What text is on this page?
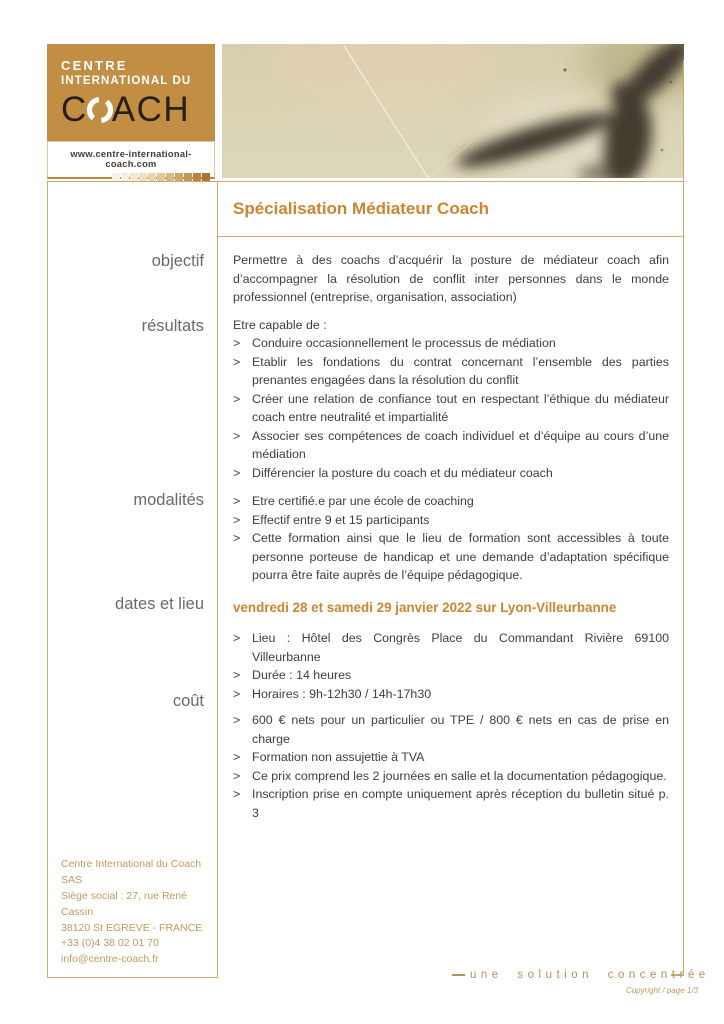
CENTRE
INTERNATIONAL DU
C ACH
www.centre-international-coach.com
objectif
résultats
modalités
dates et lieu
coût
Centre International du Coach SAS
Siège social : 27, rue René Cassin
38120 St EGREVE - FRANCE
+33 (0)4 38 02 01 70
info@centre-coach.fr
Spécialisation Médiateur Coach

Permettre à des coachs d’acquérir la posture de médiateur coach afin d’accompagner la résolution de conflit inter personnes dans le monde professionnel (entreprise, organisation, association)

Etre capable de :
> Conduire occasionnellement le processus de médiation
> Etablir les fondations du contrat concernant l’ensemble des parties prenantes engagées dans la résolution du conflit
> Créer une relation de confiance tout en respectant l’éthique du médiateur coach entre neutralité et impartialité
> Associer ses compétences de coach individuel et d’équipe au cours d’une médiation
> Différencier la posture du coach et du médiateur coach
> Etre certifié.e par une école de coaching
> Effectif entre 9 et 15 participants
> Cette formation ainsi que le lieu de formation sont accessibles à toute personne porteuse de handicap et une demande d’adaptation spécifique pourra être faite auprès de l’équipe pédagogique.
vendredi 28 et samedi 29 janvier 2022 sur Lyon-Villeurbanne
> Lieu : Hôtel des Congrès Place du Commandant Rivière 69100 Villeurbanne
> Durée : 14 heures
> Horaires : 9h-12h30 / 14h-17h30
> 600 € nets pour un particulier ou TPE / 800 € nets en cas de prise en charge
> Formation non assujettie à TVA
> Ce prix comprend les 2 journées en salle et la documentation pédagogique.
> Inscription prise en compte uniquement après réception du bulletin situé p. 3
une solution concentrée
Copyright / page 1/3
